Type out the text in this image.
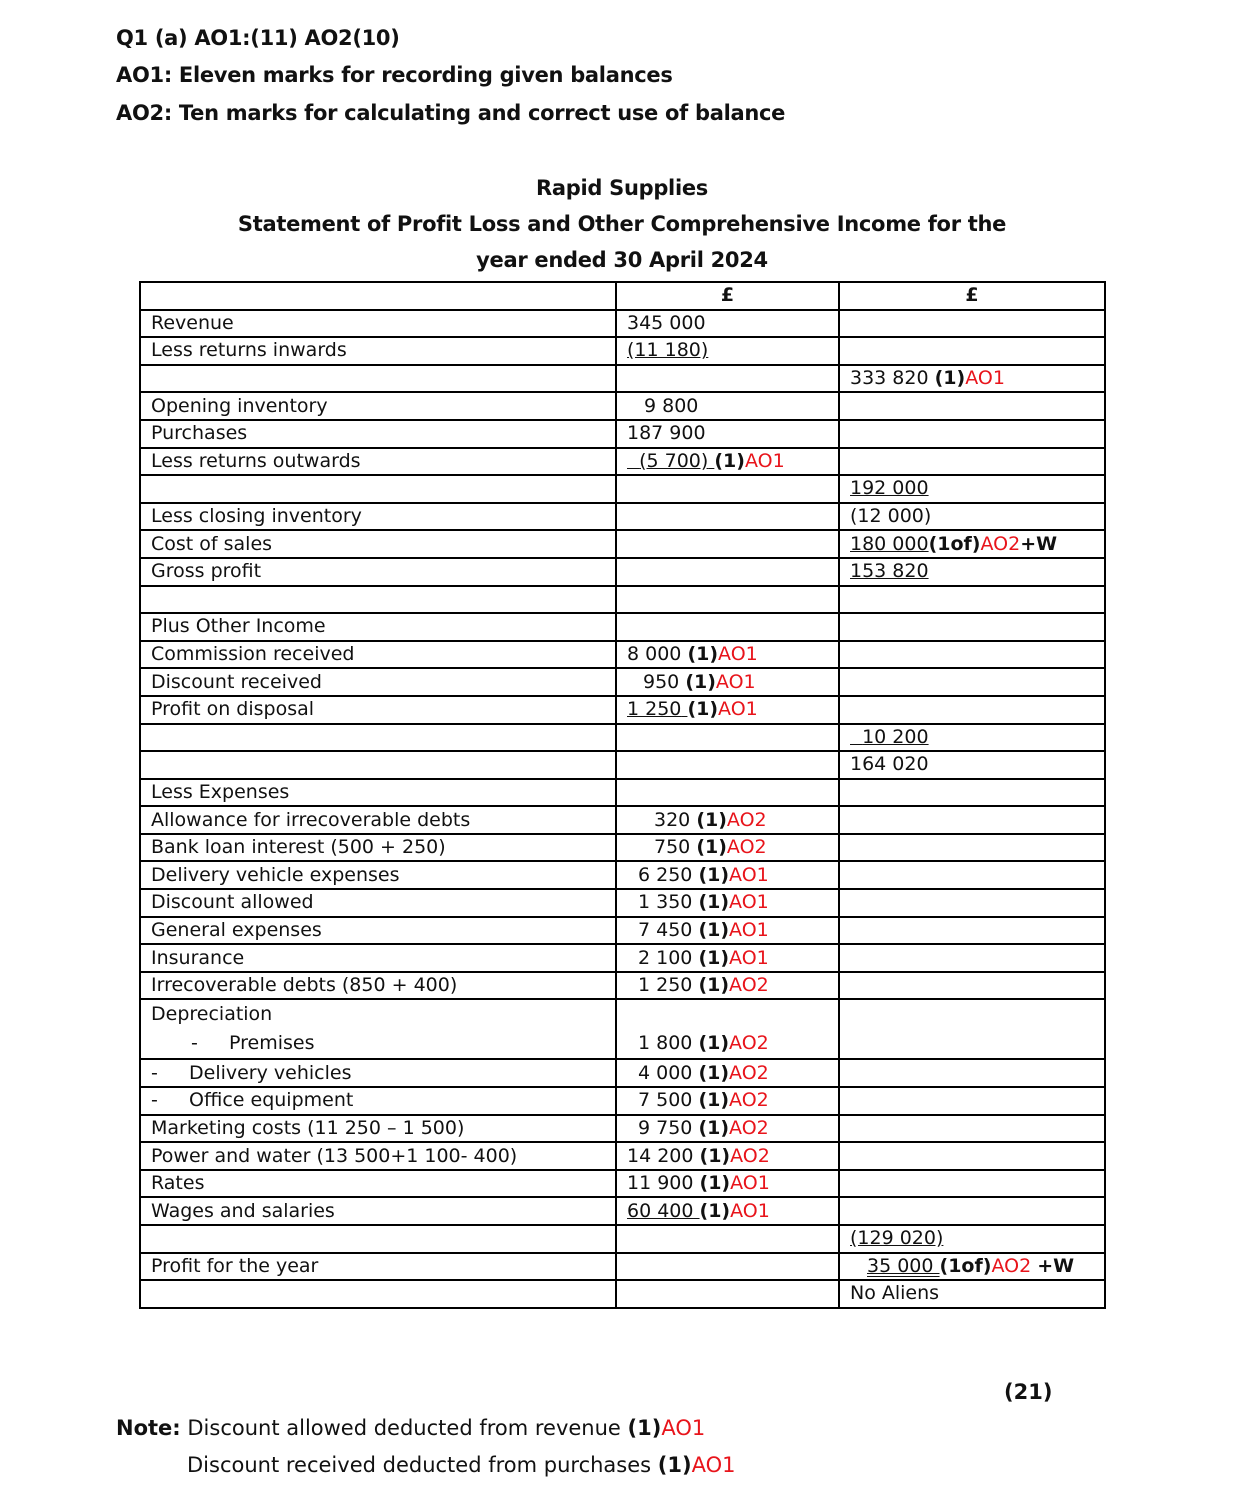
Q1 (a) AO1:(11) AO2(10)
AO1: Eleven marks for recording given balances
AO2: Ten marks for calculating and correct use of balance
Rapid Supplies
Statement of Profit Loss and Other Comprehensive Income for the
year ended 30 April 2024
	£	£
Revenue	345 000	
Less returns inwards	(11 180)	
		333 820 (1)AO1
Opening inventory	9 800	
Purchases	187 900	
Less returns outwards	(5 700) (1)AO1	
		192 000
Less closing inventory		(12 000)
Cost of sales		180 000(1of)AO2+W
Gross profit		153 820

Plus Other Income		
Commission received	8 000 (1)AO1	
Discount received	950 (1)AO1	
Profit on disposal	1 250 (1)AO1	
		10 200
		164 020
Less Expenses		
Allowance for irrecoverable debts	320 (1)AO2	
Bank loan interest (500 + 250)	750 (1)AO2	
Delivery vehicle expenses	6 250 (1)AO1	
Discount allowed	1 350 (1)AO1	
General expenses	7 450 (1)AO1	
Insurance	2 100 (1)AO1	
Irrecoverable debts (850 + 400)	1 250 (1)AO2	

Depreciation
- Premises	1 800 (1)AO2	

- Delivery vehicles	4 000 (1)AO2	
- Office equipment	7 500 (1)AO2	
Marketing costs (11 250 – 1 500)	9 750 (1)AO2	
Power and water (13 500+1 100- 400)	14 200 (1)AO2	
Rates	11 900 (1)AO1	
Wages and salaries	60 400 (1)AO1	
		(129 020)
Profit for the year		35 000 (1of)AO2 +W
		No Aliens
(21)
Note: Discount allowed deducted from revenue (1)AO1
Discount received deducted from purchases (1)AO1
